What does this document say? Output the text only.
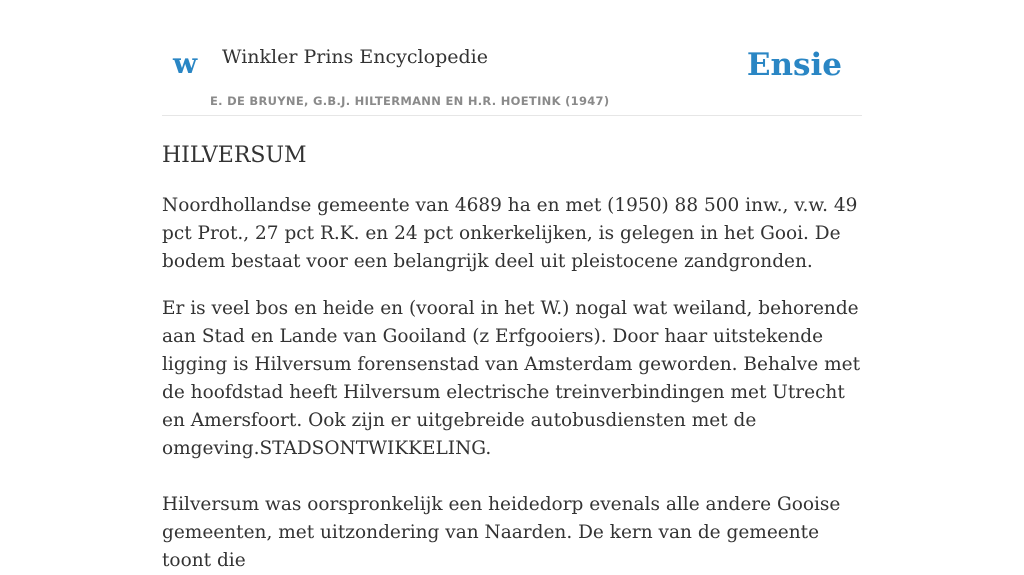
w Winkler Prins Encyclopedie
E. DE BRUYNE, G.B.J. HILTERMANN EN H.R. HOETINK (1947)
Ensie
HILVERSUM

Noordhollandse gemeente van 4689 ha en met (1950) 88 500 inw., v.w. 49 pct Prot., 27 pct R.K. en 24 pct onkerkelijken, is gelegen in het Gooi. De bodem bestaat voor een belangrijk deel uit pleistocene zandgronden.

Er is veel bos en heide en (vooral in het W.) nogal wat weiland, behorende aan Stad en Lande van Gooiland (z Erfgooiers). Door haar uitstekende ligging is Hilversum forensenstad van Amsterdam geworden. Behalve met de hoofdstad heeft Hilversum electrische treinverbindingen met Utrecht en Amersfoort. Ook zijn er uitgebreide autobusdiensten met de omgeving.STADSONTWIKKELING.

Hilversum was oorspronkelijk een heidedorp evenals alle andere Gooise gemeenten, met uitzondering van Naarden. De kern van de gemeente toont die
